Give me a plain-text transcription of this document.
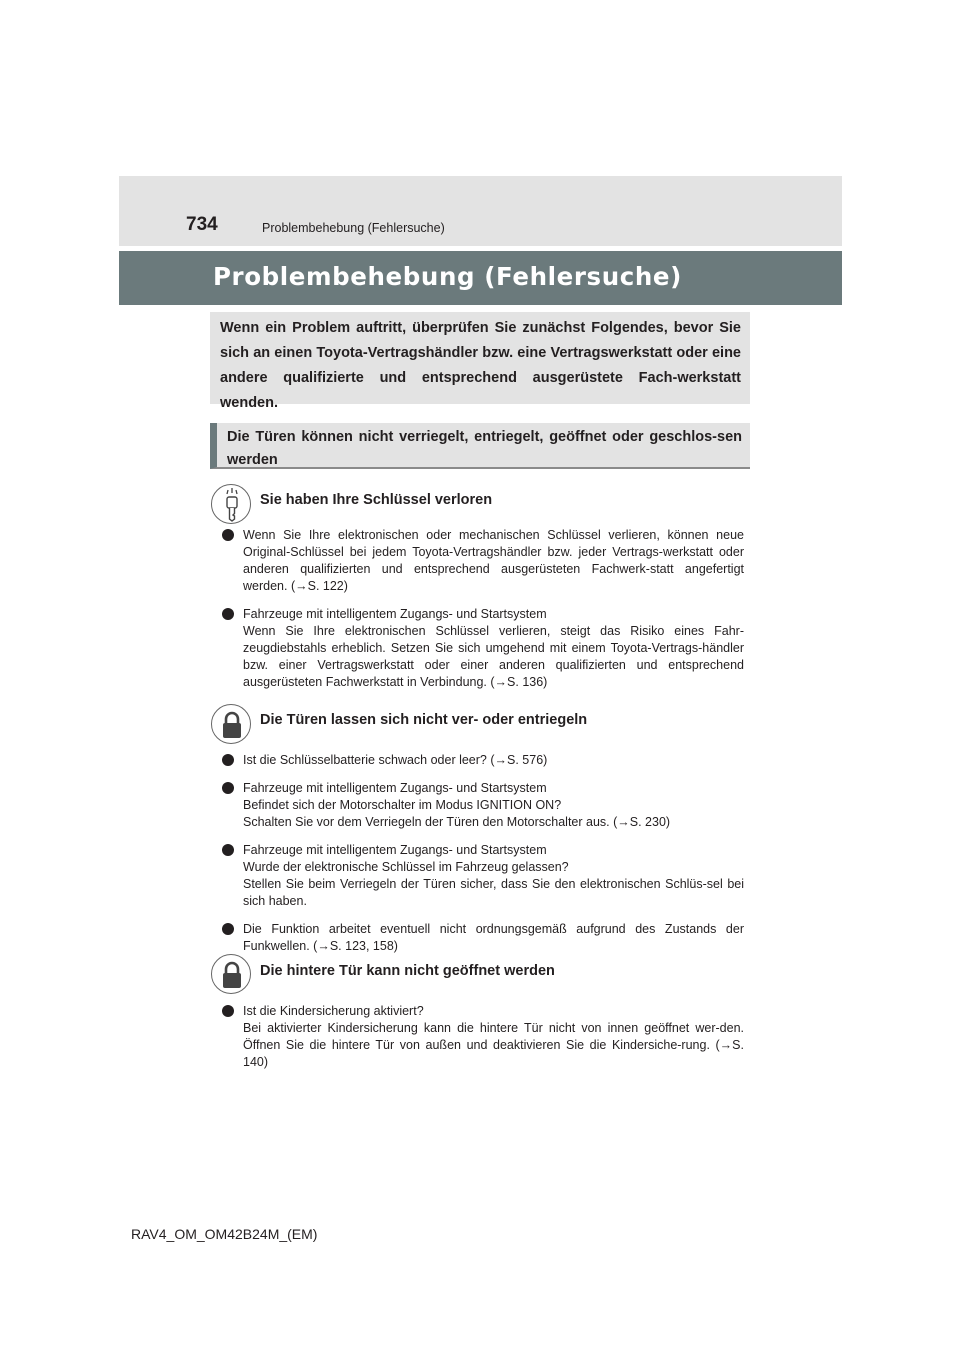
734	Problembehebung (Fehlersuche)
Problembehebung (Fehlersuche)

Wenn ein Problem auftritt, überprüfen Sie zunächst Folgendes, bevor Sie sich an einen Toyota-Vertragshändler bzw. eine Vertragswerkstatt oder eine andere qualifizierte und entsprechend ausgerüstete Fach-werkstatt wenden.

Die Türen können nicht verriegelt, entriegelt, geöffnet oder geschlos-sen werden

Sie haben Ihre Schlüssel verloren
Wenn Sie Ihre elektronischen oder mechanischen Schlüssel verlieren, können neue Original-Schlüssel bei jedem Toyota-Vertragshändler bzw. jeder Vertrags-werkstatt oder anderen qualifizierten und entsprechend ausgerüsteten Fachwerk-statt angefertigt werden. (→S. 122)
Fahrzeuge mit intelligentem Zugangs- und Startsystem
Wenn Sie Ihre elektronischen Schlüssel verlieren, steigt das Risiko eines Fahr-zeugdiebstahls erheblich. Setzen Sie sich umgehend mit einem Toyota-Vertrags-händler bzw. einer Vertragswerkstatt oder einer anderen qualifizierten und entsprechend ausgerüsteten Fachwerkstatt in Verbindung. (→S. 136)
Die Türen lassen sich nicht ver- oder entriegeln
Ist die Schlüsselbatterie schwach oder leer? (→S. 576)
Fahrzeuge mit intelligentem Zugangs- und Startsystem
Befindet sich der Motorschalter im Modus IGNITION ON?
Schalten Sie vor dem Verriegeln der Türen den Motorschalter aus. (→S. 230)
Fahrzeuge mit intelligentem Zugangs- und Startsystem
Wurde der elektronische Schlüssel im Fahrzeug gelassen?
Stellen Sie beim Verriegeln der Türen sicher, dass Sie den elektronischen Schlüs-sel bei sich haben.
Die Funktion arbeitet eventuell nicht ordnungsgemäß aufgrund des Zustands der Funkwellen. (→S. 123, 158)
Die hintere Tür kann nicht geöffnet werden
Ist die Kindersicherung aktiviert?
Bei aktivierter Kindersicherung kann die hintere Tür nicht von innen geöffnet wer-den. Öffnen Sie die hintere Tür von außen und deaktivieren Sie die Kindersiche-rung. (→S. 140)
RAV4_OM_OM42B24M_(EM)
